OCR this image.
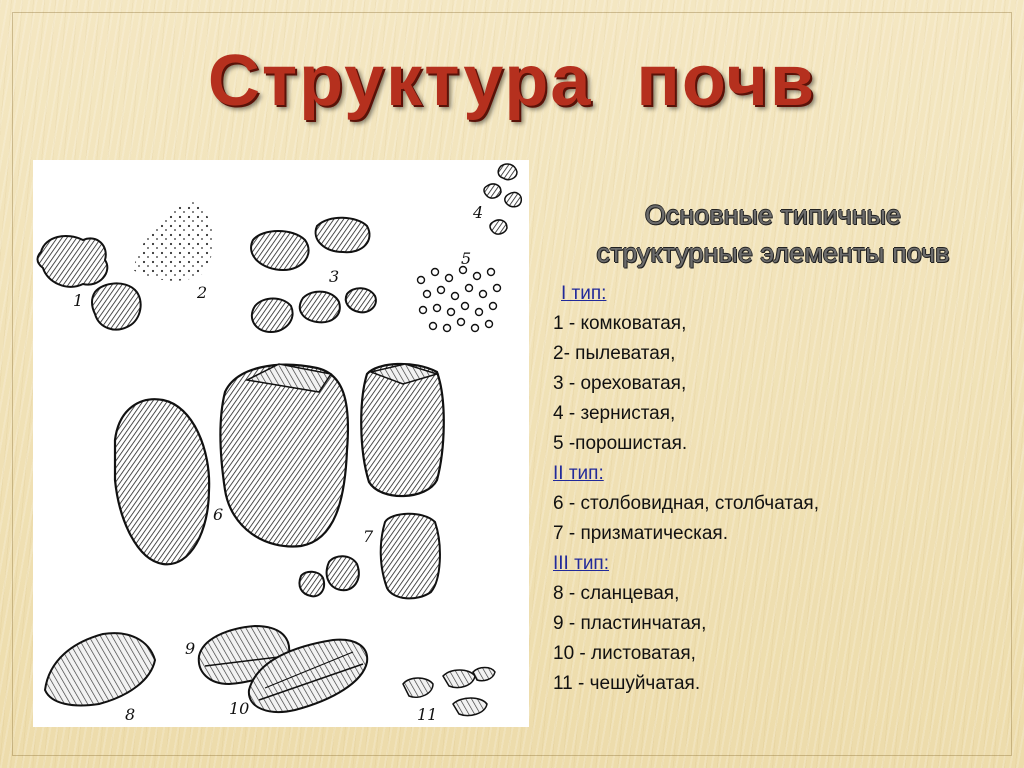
Структура  почв
1	2
3
4
5
6
7
8
9
10	11
Основные типичные
структурные элементы почв
I тип:
1 - комковатая,
2- пылеватая,
3 - ореховатая,
4 - зернистая,
5 -порошистая.
II тип:
6 - столбовидная, столбчатая,
7 - призматическая.
III тип:
8 - сланцевая,
9 - пластинчатая,
10 - листоватая,
11 - чешуйчатая.
